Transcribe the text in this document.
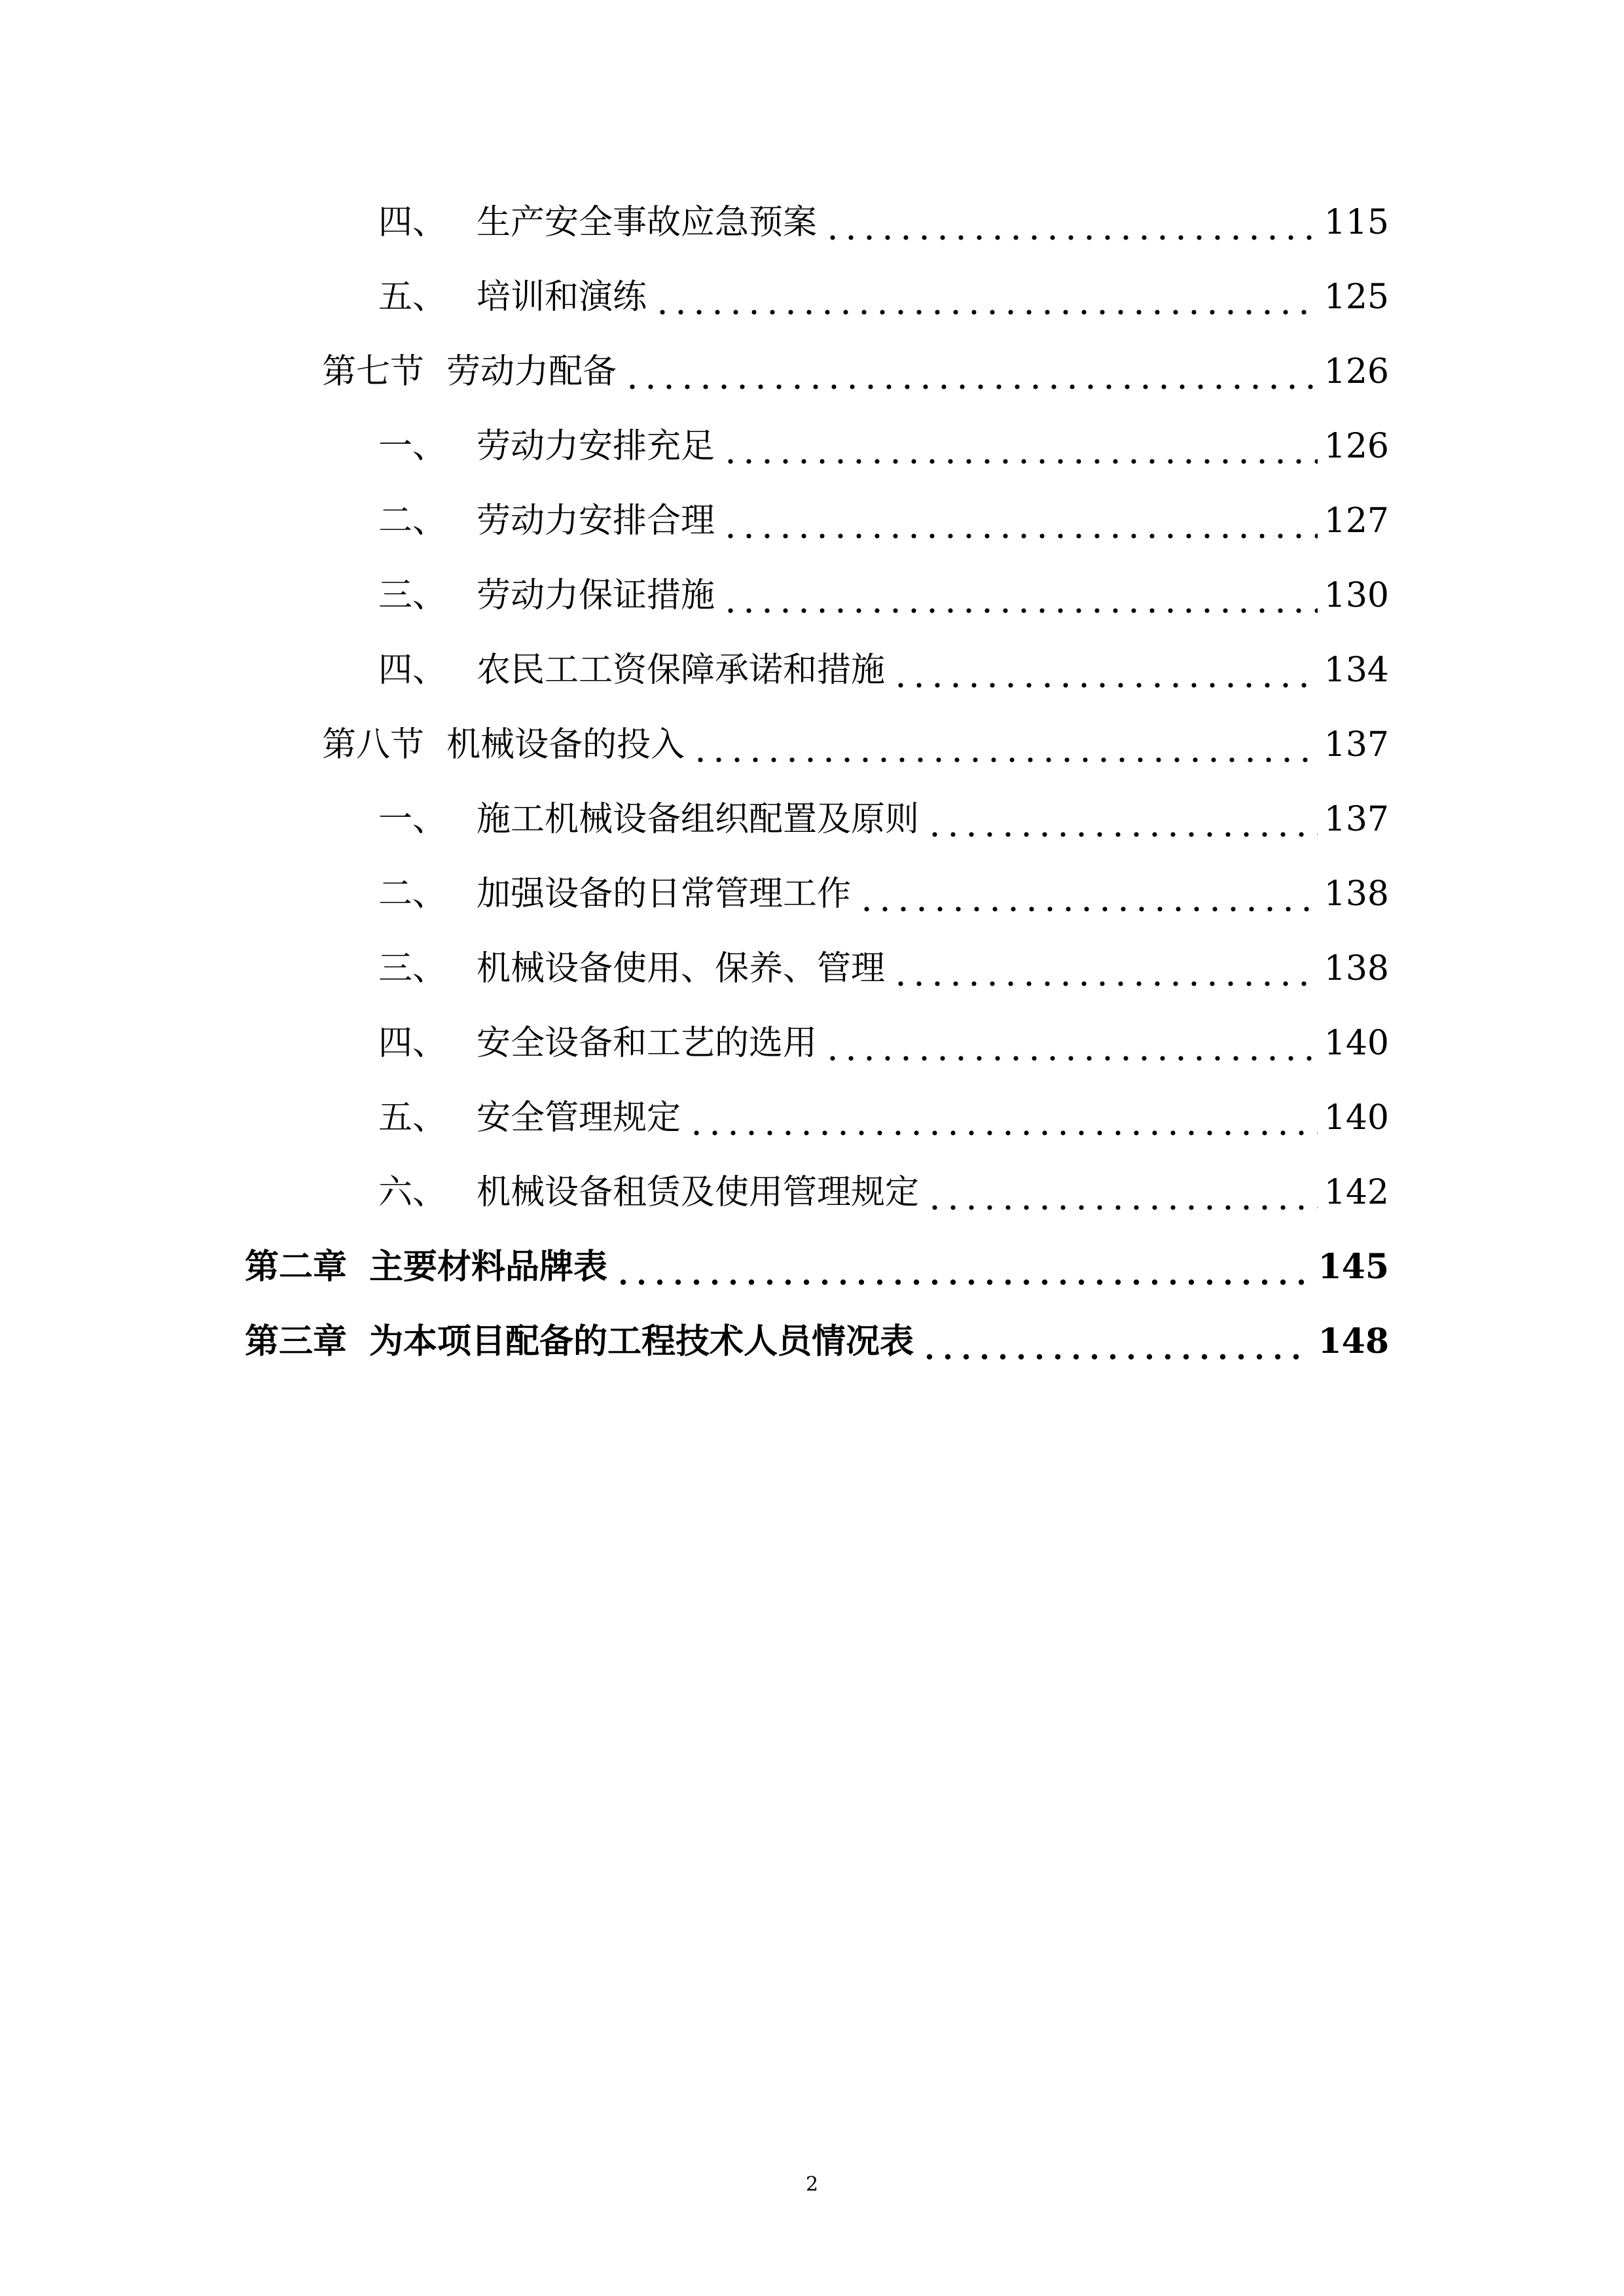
四、 生产安全事故应急预案	115
五、 培训和演练	125
第七节 劳动力配备	126
一、 劳动力安排充足	126
二、 劳动力安排合理	127
三、 劳动力保证措施	130
四、 农民工工资保障承诺和措施	134
第八节 机械设备的投入	137
一、 施工机械设备组织配置及原则	137
二、 加强设备的日常管理工作	138
三、 机械设备使用、保养、管理	138
四、 安全设备和工艺的选用	140
五、 安全管理规定	140
六、 机械设备租赁及使用管理规定	142
第二章 主要材料品牌表	145
第三章 为本项目配备的工程技术人员情况表	148
2
